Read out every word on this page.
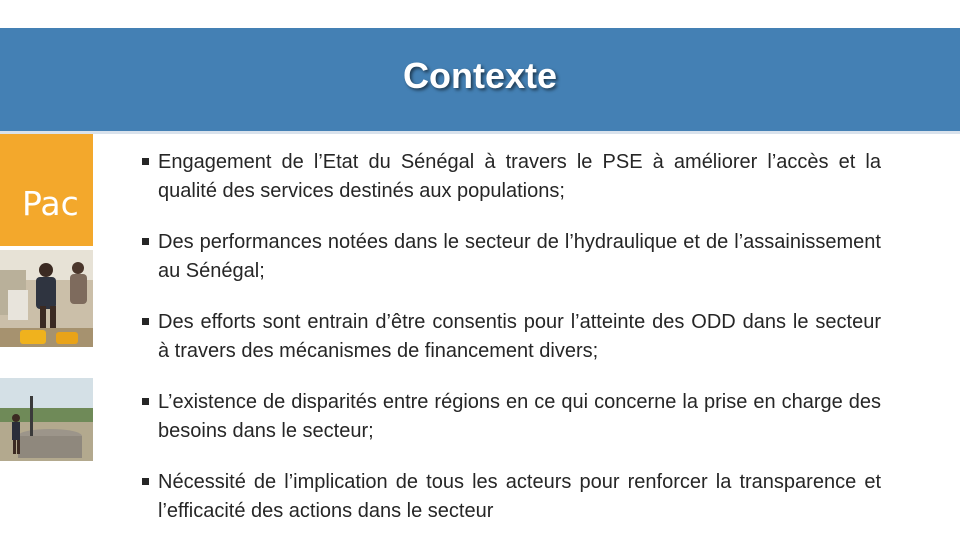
Contexte
Pac
Engagement de l’Etat du Sénégal à travers le PSE à améliorer l’accès et la qualité des services destinés aux populations;
Des performances notées dans le secteur de l’hydraulique et de l’assainissement au Sénégal;
Des efforts sont entrain d’être consentis pour l’atteinte des ODD dans le secteur à travers des mécanismes de financement divers;
L’existence de disparités entre régions en ce qui concerne la prise en charge des besoins dans le secteur;
Nécessité de l’implication de tous les acteurs pour renforcer la transparence et l’efficacité des actions dans le secteur
